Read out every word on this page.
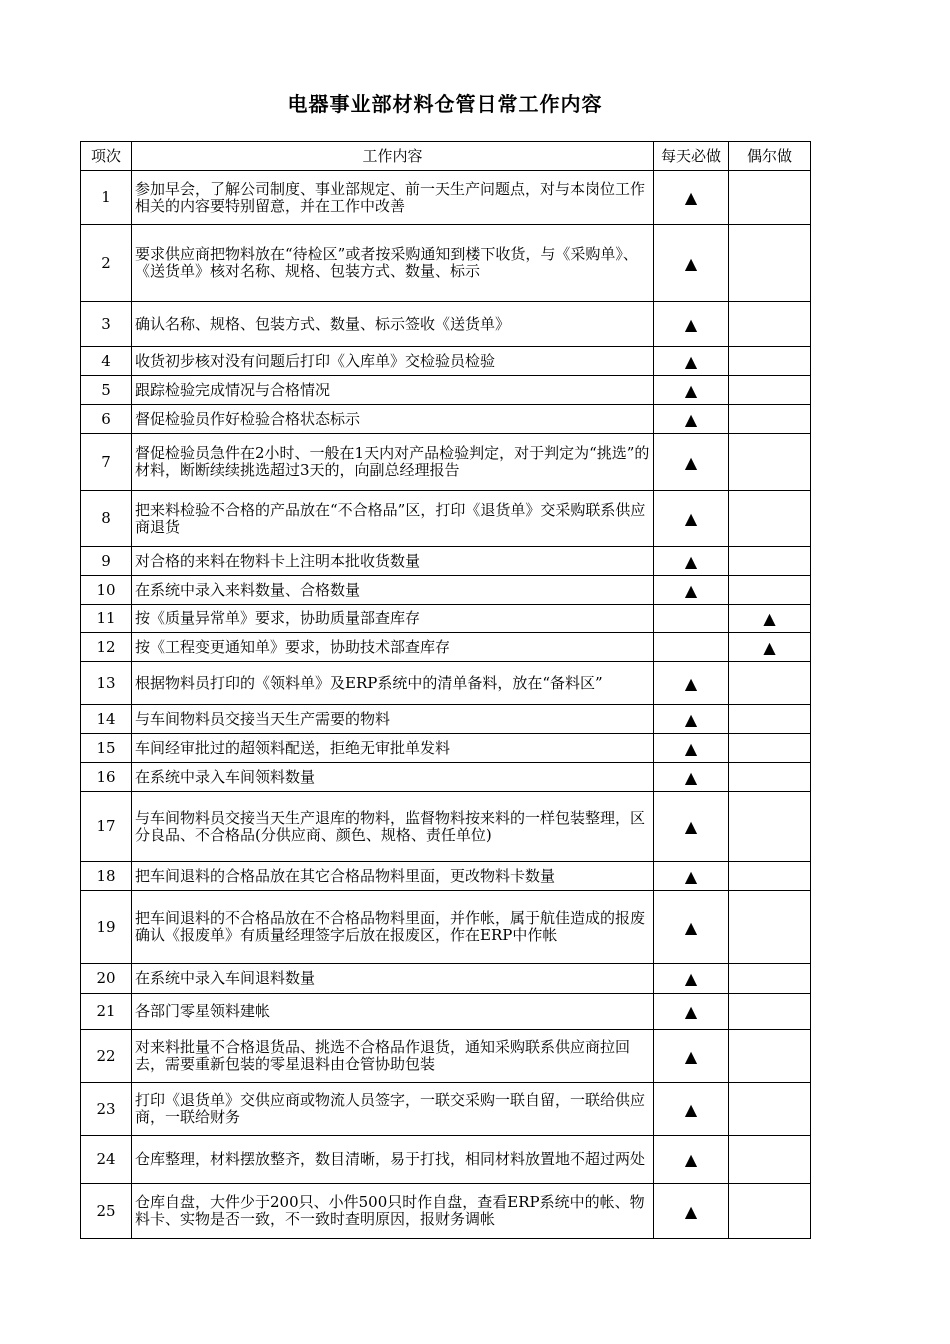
电器事业部材料仓管日常工作内容
项次	工作内容	每天必做	偶尔做
1	参加早会，了解公司制度、事业部规定、前一天生产问题点，对与本岗位工作相关的内容要特别留意，并在工作中改善	▲	
2	要求供应商把物料放在“待检区”或者按采购通知到楼下收货，与《采购单》、《送货单》核对名称、规格、包装方式、数量、标示	▲	
3	确认名称、规格、包装方式、数量、标示签收《送货单》	▲	
4	收货初步核对没有问题后打印《入库单》交检验员检验	▲	
5	跟踪检验完成情况与合格情况	▲	
6	督促检验员作好检验合格状态标示	▲	
7	督促检验员急件在2小时、一般在1天内对产品检验判定，对于判定为“挑选”的材料，断断续续挑选超过3天的，向副总经理报告	▲	
8	把来料检验不合格的产品放在“不合格品”区，打印《退货单》交采购联系供应商退货	▲	
9	对合格的来料在物料卡上注明本批收货数量	▲	
10	在系统中录入来料数量、合格数量	▲	
11	按《质量异常单》要求，协助质量部查库存		▲
12	按《工程变更通知单》要求，协助技术部查库存		▲
13	根据物料员打印的《领料单》及ERP系统中的清单备料，放在“备料区”	▲	
14	与车间物料员交接当天生产需要的物料	▲	
15	车间经审批过的超领料配送，拒绝无审批单发料	▲	
16	在系统中录入车间领料数量	▲	
17	与车间物料员交接当天生产退库的物料，监督物料按来料的一样包装整理，区分良品、不合格品(分供应商、颜色、规格、责任单位)	▲	
18	把车间退料的合格品放在其它合格品物料里面，更改物料卡数量	▲	
19	把车间退料的不合格品放在不合格品物料里面，并作帐，属于航佳造成的报废确认《报废单》有质量经理签字后放在报废区，作在ERP中作帐	▲	
20	在系统中录入车间退料数量	▲	
21	各部门零星领料建帐	▲	
22	对来料批量不合格退货品、挑选不合格品作退货，通知采购联系供应商拉回去，需要重新包装的零星退料由仓管协助包装	▲	
23	打印《退货单》交供应商或物流人员签字，一联交采购一联自留，一联给供应商，一联给财务	▲	
24	仓库整理，材料摆放整齐，数目清晰，易于打找，相同材料放置地不超过两处	▲	
25	仓库自盘，大件少于200只、小件500只时作自盘，查看ERP系统中的帐、物料卡、实物是否一致，不一致时查明原因，报财务调帐	▲	
